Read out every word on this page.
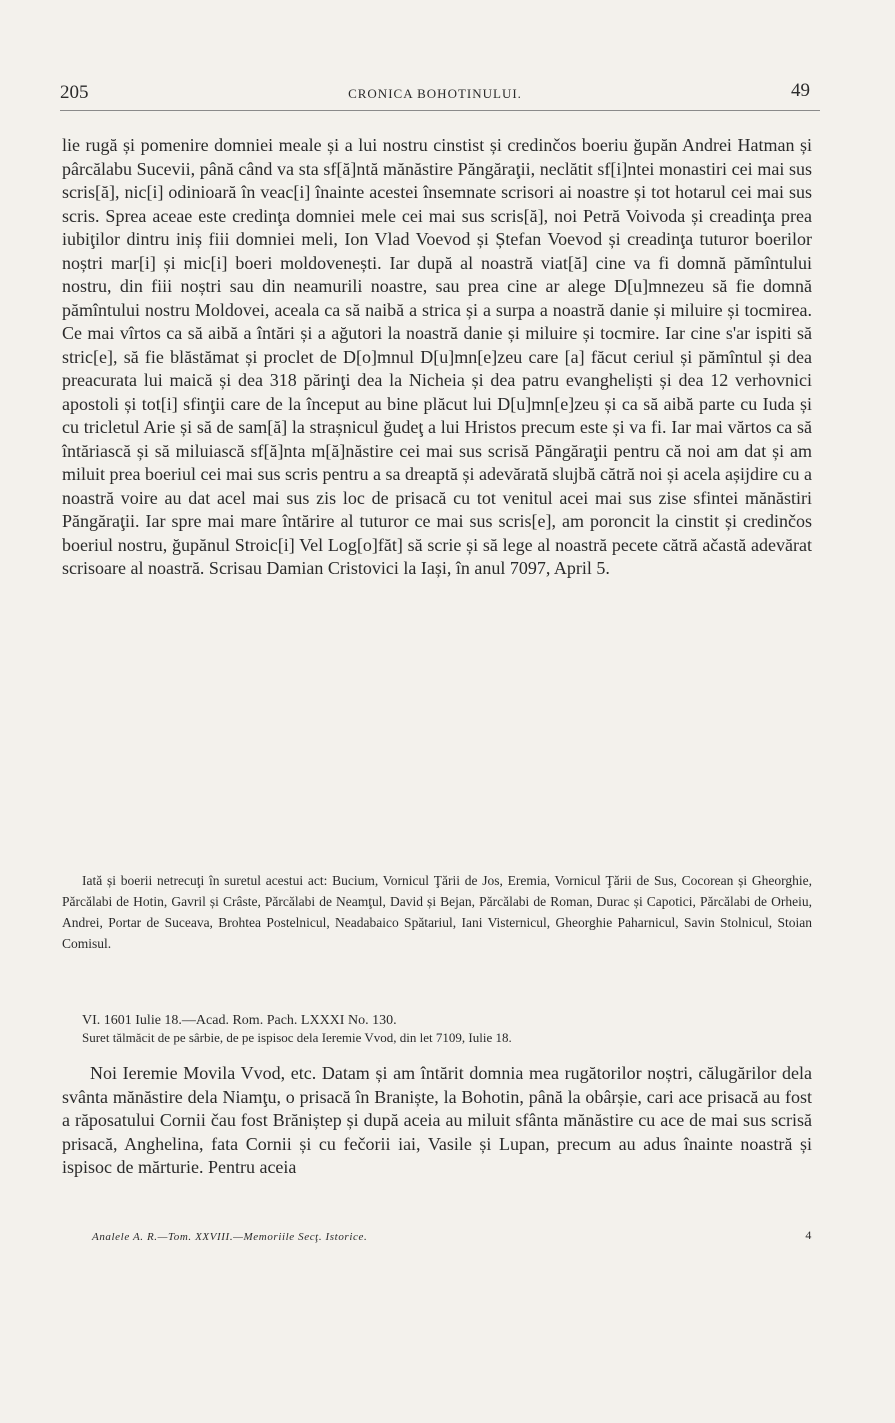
205	CRONICA BOHOTINULUI.	49

lie rugă și pomenire domniei meale și a lui nostru cinstist și credinčos boeriu ğupăn Andrei Hatman și pârcălabu Sucevii, până când va sta sf[ă]ntă mănăstire Păngăraţii, neclătit sf[i]ntei monastiri cei mai sus scris[ă], nic[i] odinioară în veac[i] înainte acestei însemnate scrisori ai noastre și tot hotarul cei mai sus scris. Sprea aceae este credinţa domniei mele cei mai sus scris[ă], noi Petră Voivoda și creadinţa prea iubiţilor dintru iniș fiii domniei meli, Ion Vlad Voevod și Ștefan Voevod și creadinţa tuturor boerilor noștri mar[i] și mic[i] boeri moldovenești. Iar după al noastră viat[ă] cine va fi domnă pămîntului nostru, din fiii noștri sau din neamurili noastre, sau prea cine ar alege D[u]mnezeu să fie domnă pămîntului nostru Moldovei, aceala ca să naibă a strica și a surpa a noastră danie și miluire și tocmirea. Ce mai vîrtos ca să aibă a întări și a ağutori la noastră danie și miluire și tocmire. Iar cine s'ar ispiti să stric[e], să fie blăstămat și proclet de D[o]mnul D[u]mn[e]zeu care [a] făcut ceriul și pămîntul și dea preacurata lui maică și dea 318 părinţi dea la Nicheia și dea patru evangheliști și dea 12 verhovnici apostoli și tot[i] sfinţii care de la început au bine plăcut lui D[u]mn[e]zeu și ca să aibă parte cu Iuda și cu tricletul Arie și să de sam[ă] la strașnicul ğudeţ a lui Hristos precum este și va fi. Iar mai vărtos ca să întăriască și să miluiască sf[ă]nta m[ă]năstire cei mai sus scrisă Păngăraţii pentru că noi am dat și am miluit prea boeriul cei mai sus scris pentru a sa dreaptă și adevărată slujbă cătră noi și acela așijdire cu a noastră voire au dat acel mai sus zis loc de prisacă cu tot venitul acei mai sus zise sfintei mănăstiri Păngăraţii. Iar spre mai mare întărire al tuturor ce mai sus scris[e], am poroncit la cinstit și credinčos boeriul nostru, ğupănul Stroic[i] Vel Log[o]făt] să scrie și să lege al noastră pecete cătră ačastă adevărat scrisoare al noastră. Scrisau Damian Cristovici la Iași, în anul 7097, April 5.

Iată și boerii netrecuţi în suretul acestui act: Bucium, Vornicul Ţării de Jos, Eremia, Vornicul Ţării de Sus, Cocorean și Gheorghie, Părcălabi de Hotin, Gavril și Crâste, Părcălabi de Neamţul, David și Bejan, Părcălabi de Roman, Durac și Capotici, Părcălabi de Orheiu, Andrei, Portar de Suceava, Brohtea Postelnicul, Neadabaico Spătariul, Iani Visternicul, Gheorghie Paharnicul, Savin Stolnicul, Stoian Comisul.

VI. 1601 Iulie 18.—Acad. Rom. Pach. LXXXI No. 130.
Suret tălmăcit de pe sârbie, de pe ispisoc dela Ieremie Vvod, din let 7109, Iulie 18.

Noi Ieremie Movila Vvod, etc. Datam și am întărit domnia mea rugătorilor noștri, călugărilor dela svânta mănăstire dela Niamţu, o prisacă în Braniște, la Bohotin, până la obârșie, cari ace prisacă au fost a răposatului Cornii čau fost Brăniștep și după aceia au miluit sfânta mănăstire cu ace de mai sus scrisă prisacă, Anghelina, fata Cornii și cu fečorii iai, Vasile și Lupan, precum au adus înainte noastră și ispisoc de mărturie. Pentru aceia

Analele A. R.—Tom. XXVIII.—Memoriile Secţ. Istorice.	4
